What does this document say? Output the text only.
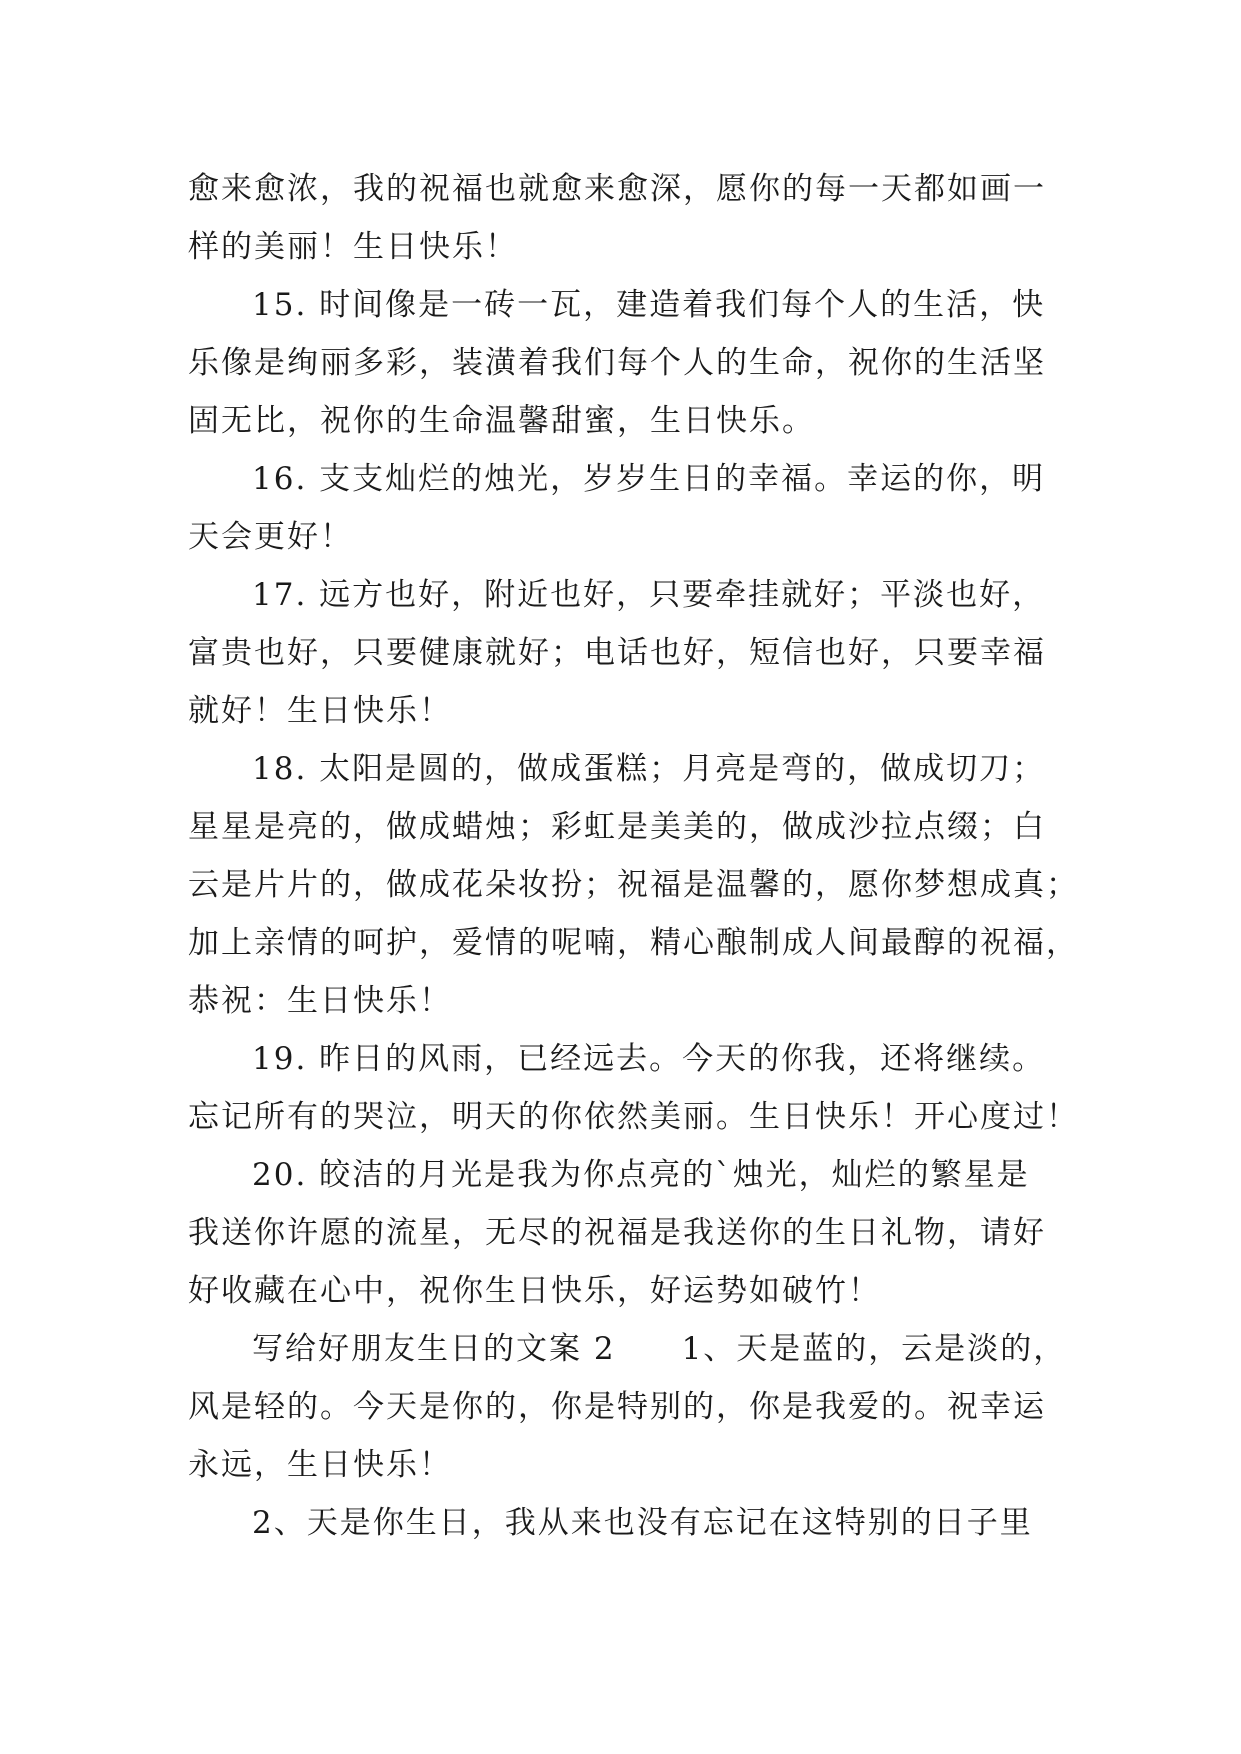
愈来愈浓，我的祝福也就愈来愈深，愿你的每一天都如画一
样的美丽！生日快乐！
15. 时间像是一砖一瓦，建造着我们每个人的生活，快
乐像是绚丽多彩，装潢着我们每个人的生命，祝你的生活坚
固无比，祝你的生命温馨甜蜜，生日快乐。
16. 支支灿烂的烛光，岁岁生日的幸福。幸运的你，明
天会更好！
17. 远方也好，附近也好，只要牵挂就好；平淡也好，
富贵也好，只要健康就好；电话也好，短信也好，只要幸福
就好！生日快乐！
18. 太阳是圆的，做成蛋糕；月亮是弯的，做成切刀；
星星是亮的，做成蜡烛；彩虹是美美的，做成沙拉点缀；白
云是片片的，做成花朵妆扮；祝福是温馨的，愿你梦想成真；
加上亲情的呵护，爱情的呢喃，精心酿制成人间最醇的祝福，
恭祝：生日快乐！
19. 昨日的风雨，已经远去。今天的你我，还将继续。
忘记所有的哭泣，明天的你依然美丽。生日快乐！开心度过！
20. 皎洁的月光是我为你点亮的`烛光，灿烂的繁星是
我送你许愿的流星，无尽的祝福是我送你的生日礼物，请好
好收藏在心中，祝你生日快乐，好运势如破竹！
写给好朋友生日的文案 2　　1、天是蓝的，云是淡的，
风是轻的。今天是你的，你是特别的，你是我爱的。祝幸运
永远，生日快乐！
2、天是你生日，我从来也没有忘记在这特别的日子里
